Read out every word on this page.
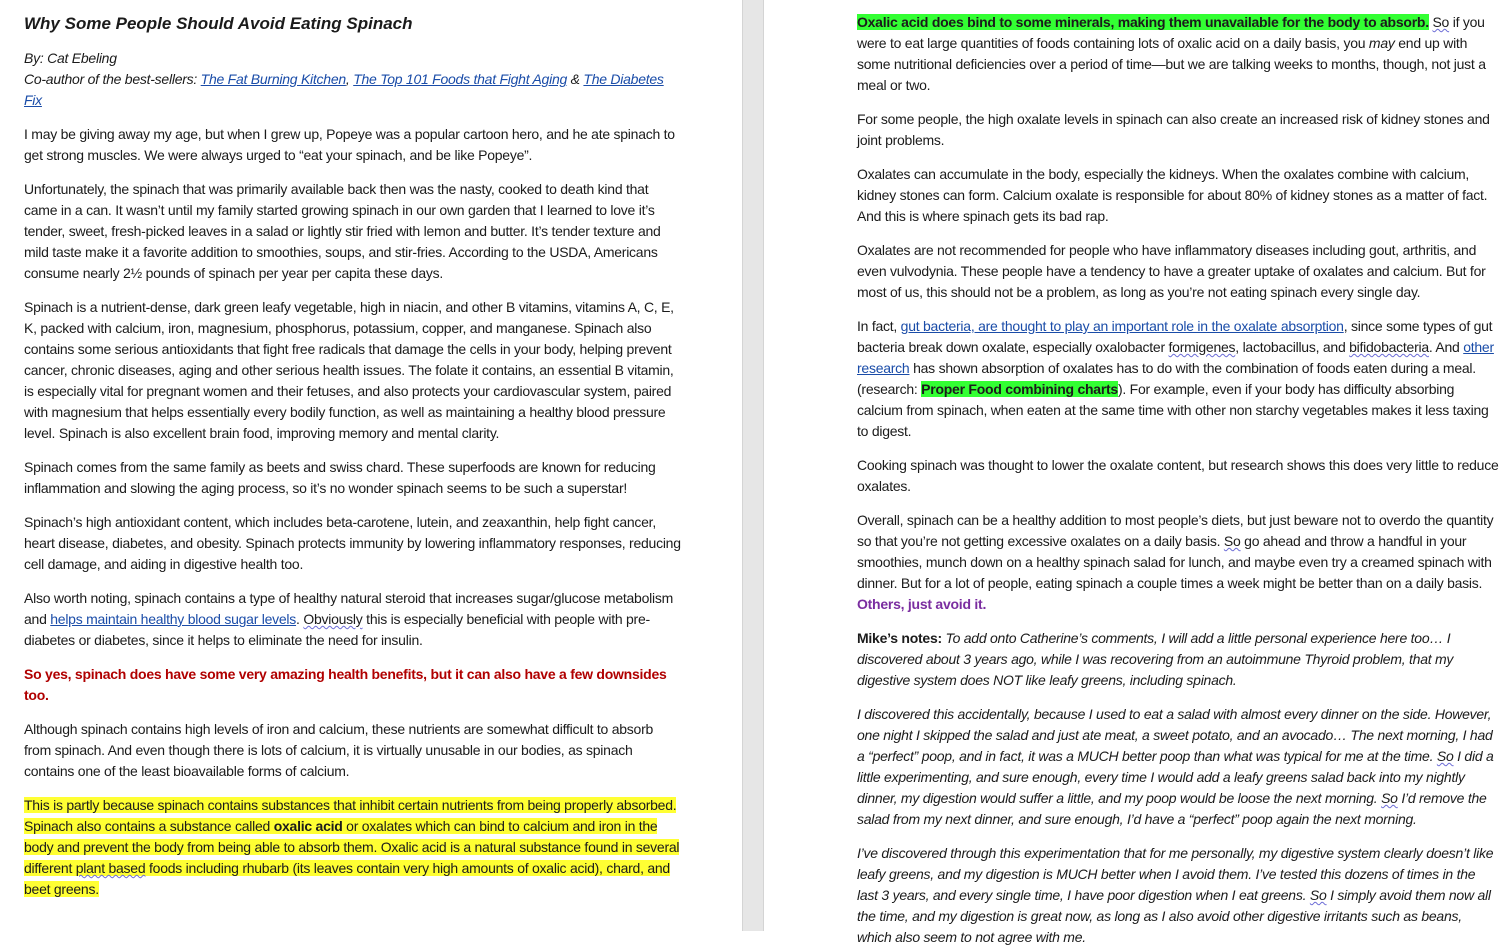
Why Some People Should Avoid Eating Spinach

By: Cat Ebeling

Co-author of the best-sellers: The Fat Burning Kitchen, The Top 101 Foods that Fight Aging & The Diabetes Fix

I may be giving away my age, but when I grew up, Popeye was a popular cartoon hero, and he ate spinach to get strong muscles. We were always urged to “eat your spinach, and be like Popeye”.

Unfortunately, the spinach that was primarily available back then was the nasty, cooked to death kind that came in a can. It wasn’t until my family started growing spinach in our own garden that I learned to love it’s tender, sweet, fresh-picked leaves in a salad or lightly stir fried with lemon and butter. It’s tender texture and mild taste make it a favorite addition to smoothies, soups, and stir-fries. According to the USDA, Americans consume nearly 2½ pounds of spinach per year per capita these days.

Spinach is a nutrient-dense, dark green leafy vegetable, high in niacin, and other B vitamins, vitamins A, C, E, K, packed with calcium, iron, magnesium, phosphorus, potassium, copper, and manganese. Spinach also contains some serious antioxidants that fight free radicals that damage the cells in your body, helping prevent cancer, chronic diseases, aging and other serious health issues. The folate it contains, an essential B vitamin, is especially vital for pregnant women and their fetuses, and also protects your cardiovascular system, paired with magnesium that helps essentially every bodily function, as well as maintaining a healthy blood pressure level. Spinach is also excellent brain food, improving memory and mental clarity.

Spinach comes from the same family as beets and swiss chard. These superfoods are known for reducing inflammation and slowing the aging process, so it’s no wonder spinach seems to be such a superstar!

Spinach’s high antioxidant content, which includes beta-carotene, lutein, and zeaxanthin, help fight cancer, heart disease, diabetes, and obesity. Spinach protects immunity by lowering inflammatory responses, reducing cell damage, and aiding in digestive health too.

Also worth noting, spinach contains a type of healthy natural steroid that increases sugar/glucose metabolism and helps maintain healthy blood sugar levels. Obviously this is especially beneficial with people with pre-diabetes or diabetes, since it helps to eliminate the need for insulin.

So yes, spinach does have some very amazing health benefits, but it can also have a few downsides too.

Although spinach contains high levels of iron and calcium, these nutrients are somewhat difficult to absorb from spinach. And even though there is lots of calcium, it is virtually unusable in our bodies, as spinach contains one of the least bioavailable forms of calcium.

This is partly because spinach contains substances that inhibit certain nutrients from being properly absorbed. Spinach also contains a substance called oxalic acid or oxalates which can bind to calcium and iron in the body and prevent the body from being able to absorb them. Oxalic acid is a natural substance found in several different plant based foods including rhubarb (its leaves contain very high amounts of oxalic acid), chard, and beet greens.

Oxalic acid does bind to some minerals, making them unavailable for the body to absorb. So if you were to eat large quantities of foods containing lots of oxalic acid on a daily basis, you may end up with some nutritional deficiencies over a period of time—but we are talking weeks to months, though, not just a meal or two.

For some people, the high oxalate levels in spinach can also create an increased risk of kidney stones and joint problems.

Oxalates can accumulate in the body, especially the kidneys. When the oxalates combine with calcium, kidney stones can form. Calcium oxalate is responsible for about 80% of kidney stones as a matter of fact. And this is where spinach gets its bad rap.

Oxalates are not recommended for people who have inflammatory diseases including gout, arthritis, and even vulvodynia. These people have a tendency to have a greater uptake of oxalates and calcium. But for most of us, this should not be a problem, as long as you’re not eating spinach every single day.

In fact, gut bacteria, are thought to play an important role in the oxalate absorption, since some types of gut bacteria break down oxalate, especially oxalobacter formigenes, lactobacillus, and bifidobacteria. And other research has shown absorption of oxalates has to do with the combination of foods eaten during a meal. (research: Proper Food combining charts). For example, even if your body has difficulty absorbing calcium from spinach, when eaten at the same time with other non starchy vegetables makes it less taxing to digest.

Cooking spinach was thought to lower the oxalate content, but research shows this does very little to reduce oxalates.

Overall, spinach can be a healthy addition to most people’s diets, but just beware not to overdo the quantity so that you’re not getting excessive oxalates on a daily basis. So go ahead and throw a handful in your smoothies, munch down on a healthy spinach salad for lunch, and maybe even try a creamed spinach with dinner. But for a lot of people, eating spinach a couple times a week might be better than on a daily basis. Others, just avoid it.

Mike’s notes: To add onto Catherine’s comments, I will add a little personal experience here too… I discovered about 3 years ago, while I was recovering from an autoimmune Thyroid problem, that my digestive system does NOT like leafy greens, including spinach.

I discovered this accidentally, because I used to eat a salad with almost every dinner on the side. However, one night I skipped the salad and just ate meat, a sweet potato, and an avocado… The next morning, I had a “perfect” poop, and in fact, it was a MUCH better poop than what was typical for me at the time. So I did a little experimenting, and sure enough, every time I would add a leafy greens salad back into my nightly dinner, my digestion would suffer a little, and my poop would be loose the next morning. So I’d remove the salad from my next dinner, and sure enough, I’d have a “perfect” poop again the next morning.

I’ve discovered through this experimentation that for me personally, my digestive system clearly doesn’t like leafy greens, and my digestion is MUCH better when I avoid them. I’ve tested this dozens of times in the last 3 years, and every single time, I have poor digestion when I eat greens. So I simply avoid them now all the time, and my digestion is great now, as long as I also avoid other digestive irritants such as beans, which also seem to not agree with me.
